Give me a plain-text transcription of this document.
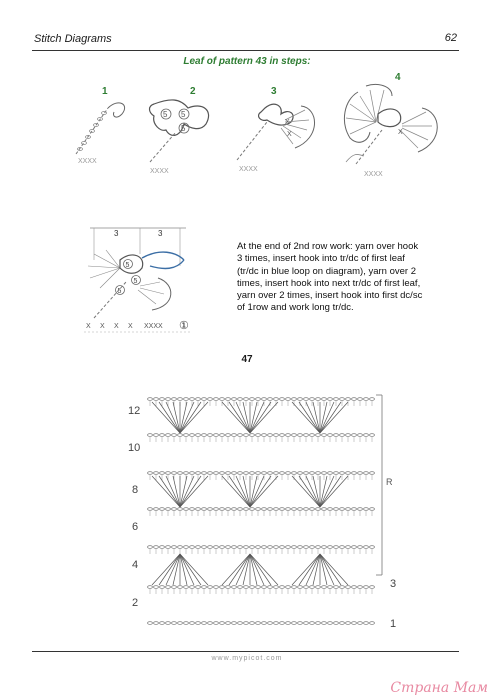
Stitch Diagrams	62
Leaf of pattern 43 in steps:
1	2	3
4
XXXX
5 5
5
XXXX
X
X
XXXX
X
XXXX
3	3
5
5
5
X X X X XXXX ①
At the end of 2nd row work: yarn over hook 3 times, insert hook into tr/dc of first leaf (tr/dc in blue loop on diagram), yarn over 2 times, insert hook into next tr/dc of first leaf, yarn over 2 times, insert hook into first dc/sc of 1row and work long tr/dc.
47
12
10
8
6
4
2
3
1
R
www.mypicot.com
Страна Мам
